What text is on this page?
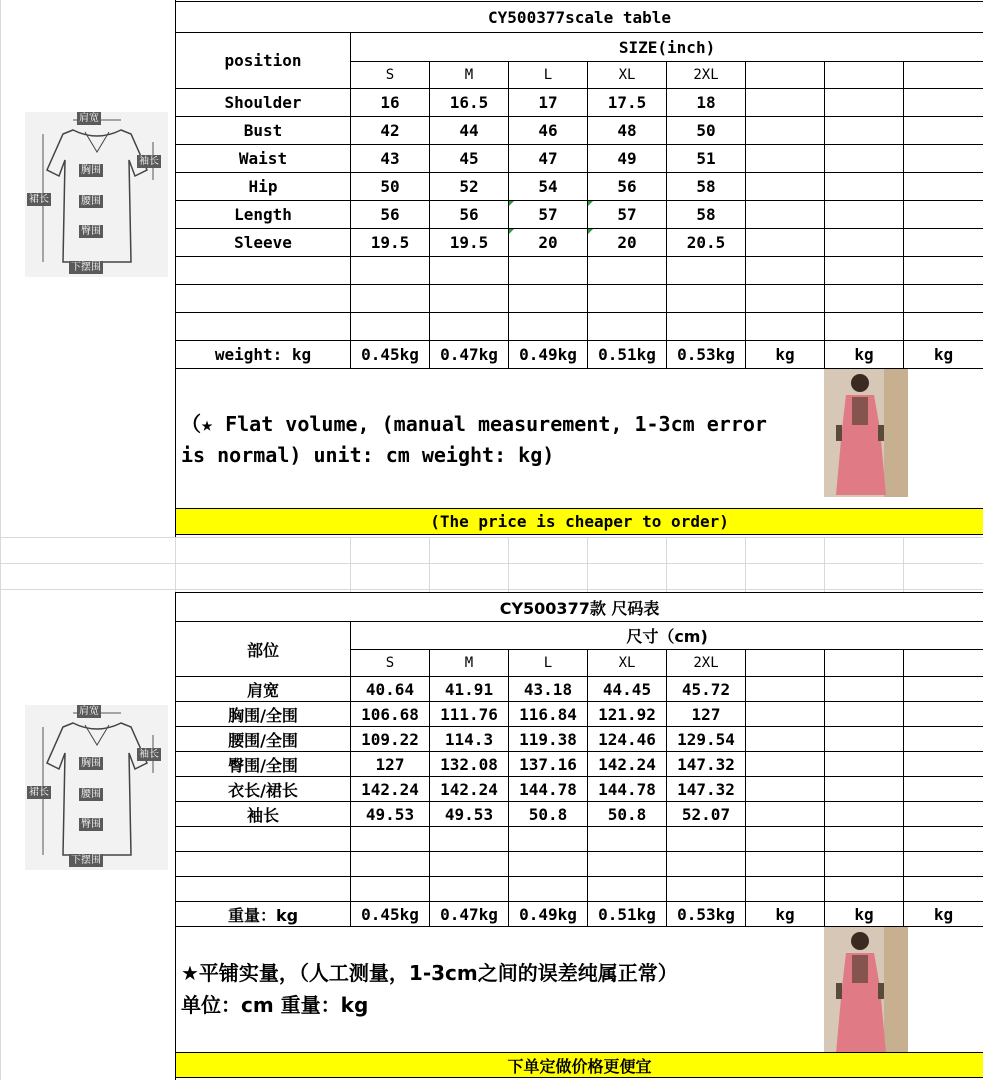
肩宽
袖长
胸围
裙长	腰围
臀围
下摆围
CY500377scale table								
position	SIZE(inch)							
	S	M	L	XL	2XL			
Shoulder	16	16.5	17	17.5	18			
Bust	42	44	46	48	50			
Waist	43	45	47	49	51			
Hip	50	52	54	56	58			
Length	56	56	57	57	58			
Sleeve	19.5	19.5	20	20	20.5			

weight: kg	0.45kg	0.47kg	0.49kg	0.51kg	0.53kg	kg	kg	kg

（★ Flat volume, (manual measurement, 1-3cm error is normal) unit: cm weight: kg)								

(The price is cheaper to order)								
肩宽
袖长
胸围
裙长	腰围
臀围
下摆围
CY500377款 尺码表								
部位	尺寸（cm)							
	S	M	L	XL	2XL			
肩宽	40.64	41.91	43.18	44.45	45.72			
胸围/全围	106.68	111.76	116.84	121.92	127			
腰围/全围	109.22	114.3	119.38	124.46	129.54			
臀围/全围	127	132.08	137.16	142.24	147.32			
衣长/裙长	142.24	142.24	144.78	144.78	147.32			
袖长	49.53	49.53	50.8	50.8	52.07			

重量：kg	0.45kg	0.47kg	0.49kg	0.51kg	0.53kg	kg	kg	kg

★平铺实量，（人工测量，1-3cm之间的误差纯属正常）
单位：cm 重量：kg								

下单定做价格更便宜								
